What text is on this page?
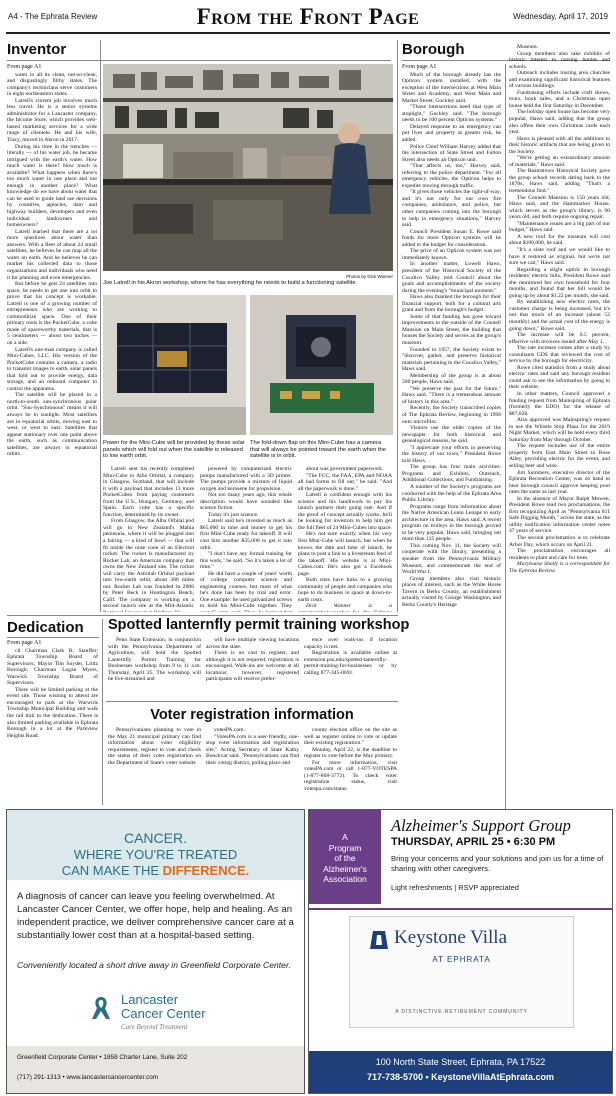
A4 - The Ephrata Review	From the Front Page	Wednesday, April 17, 2019
Inventor
From page A1

water in all its clean, not-so-clean, and disgustingly filthy states. The company's technicians serve customers in eight northeastern states.

Latrell's current job involves much less travel. He is a senior systems administrator for a Lancaster company, the Income Store, which provides web-based marketing services for a wide range of clientele. He and his wife, Tracy, moved to Akron in 2017.

During his time in the trenches — literally — of his water job, he became intrigued with the earth's water. How much water is there? How much is available? What happens when there's too much water in one place and not enough in another place? What knowledge do we have about water that can be used to guide land use decisions by countries, agencies, dam and highway builders, developers and even individual landowners and homeowners?

Latrell learned that there are a lot more questions about water than answers. With a fleet of about 24 small satellites, he believes he can map all the water on earth. And he believes he can market his collected data to those organizations and individuals who need it for planning and even emergencies.

But before he gets 24 satellites into space, he needs to get one into orbit to prove that his concept is workable. Latrell is one of a growing number of entrepreneurs who are working to commoditize space. One of their primary tools is the PocketCube, a cube made of spaceworthy materials, that is 5 centimeters — about two inches — on a side.

Latrell's one-man company is called Mini-Cubes, LLC. His version of the PocketCube contains a camera, a radio to transmit images to earth, solar panels that fold out to provide energy, data storage, and an onboard computer to control the apparatus.

The satellite will be placed in a north-to-south sun-synchronous polar orbit. "Sun-Synchronous" means it will always be in sunlight. Most satellites are in equatorial orbits, moving east to west, or west to east. Satellites that appear stationary over one point above the earth, such as communication satellites, are always in equatorial orbits.

Photos by Dick Wanner
Joe Latrell in his Akron workshop, where he has everything he needs to build a functioning satellite.
Power for the Mini-Cube will be provided by these solar panels which will fold out when the satellite is released to low earth orbit.
The fold-down flap on this Mini-Cube has a camera that will always be pointed toward the earth when the satellite is in orbit.

Latrell sent his recently completed Mini-Cube to Alba Orbital, a company in Glasgow, Scotland, that will include it with a payload that includes 13 more PocketCubes from paying customers from the U.S., Hungary, Germany, and Spain. Each cube has a specific function, determined by its owner.

From Glasgow, the Alba Orbital pod will go to New Zealand's Mahia peninsula, where it will be plugged into a fairing — a kind of bowl — that will fit inside the nose cone of an Electron rocket. The rocket is manufactured by Rocket Lab, an American company that owns the New Zealand site. The rocket will carry the Astrolab Orbital payload into low-earth orbit, about 300 miles out. Rocket Lab was founded in 2006 by Peter Beck in Huntington Beach, Calif. The company is working on a second launch site at the Mid-Atlantic

powered by computerized electric pumps manufactured with a 3D printer. The pumps provide a mixture of liquid oxygen and kerosene for propulsion.

Not too many years ago, this whole description would have sounded like science fiction.

Today it's just science.

Latrell said he's invested as much as $65,000 in time and money to get his first Mini-Cube ready for takeoff. It will cost him another $35,000 to get it into orbit.

"I don't have any formal training for this work," he said. "So it's taken a lot of time."

He did have a couple of years' worth of college computer science and engineering courses, but most of what he's done has been by trial and error. One example: he used galvanized screws to hold his Mini-Cube together. They

about was government paperwork.

"The FCC, the FAA, EPA and NOAA all had forms to fill out," he said. "And all the paperwork is done."

Latrell is confident enough with his science and his handiwork to pay his launch partners their going rate. And if the proof of concept actually works, he'll be looking for investors to help him get the full fleet of 24 Mini-Cubes into space.

He's not sure exactly when his very first Mini-Cube will launch, but when he knows the date and time of launch, he plans to post a link to a livestream feed of the takeoff. His website is at Mini-Cubes.com. He's also got a Facebook page.

Both sites have links to a growing community of people and companies who hope to do business in space at down-to-earth costs.

Dick Wanner is a

Borough
From page A1

Much of the borough already has the Opticon system installed, with the exception of the intersections at West Main Street and Academy, and West Main and Market Street, Gockley said.

"Those intersections need that type of stoplight," Gockley said. "The borough needs to be 100 percent Opticon systems."

Delayed response to an emergency can put lives and property at greater risk, he added.

Police Chief William Harvey added that the intersection of State Street and Fulton Street also needs an Opticon unit.

"That affects us, too," Harvey said, referring to the police department. "For all emergency vehicles, the Opticon helps to expedite moving through traffic.

"It gives those vehicles the right-of-way, and it's not only for our own fire companies, ambulance, and police, but other companies coming into the borough to help in emergency situations," Harvey said.

Council President Susan E. Rowe said funds for more Opticon systems will be added to the budget for consideration.

The price of an Opticon system was not immediately known.

In another matter, Lowell Haws, president of the Historical Society of the Cocalico Valley told Council about the goals and accomplishments of the society during the evening's "municipal moment."

Haws also thanked the borough for their financial support, both for a cultural arts grant and from the borough's budget.

Some of that funding has gone toward improvements to the outside of the Connell Mansion on Main Street, the building that houses the Society and serves as the group's museum.

Founded in 1957, the Society exists to "discover, gather, and preserve historical materials pertaining to the Cocalico Valley," Haws said.

Membership of the group is at about 500 people, Haws said.

"We preserve the past for the future," Haws said. "There is a tremendous amount of history in this area."

Recently, the Society transcribed copies of The Ephrata Review, beginning in 1998 onto microfilm.

Visitors use the older copies of the newspaper for both historical and genealogical reasons, he said.

"I appreciate your efforts in preserving the history of our town," President Rowe told Haws.

The group has four main activities: Programs and Exhibits, Outreach, Additional Collections, and Fundraising.

A number of the Society's programs are conducted with the help of the Ephrata Area Public Library.

Programs range from information about the Native American Lenni Lenape to early architecture in the area, Haws said. A recent program on trolleys in the borough proved to be very popular, Haws said, bringing out more than 125 people.

This coming Nov. 11, the Society will cooperate with the library, presenting a speaker from the Pennsylvania Military Museum, and commemorate the end of World War I.

Group members also visit historic places of interest, such as the White Horse Tavern in Berks County, an establishment actually visited by George Washington, and Berks County's Heritage

Museum.

Group members also take exhibits of historic interest to nursing homes and schools.

Outreach includes touring area churches and examining significant historical features of various buildings.

Fundraising efforts include craft shows, tours, book sales, and a Christmas open house held the first Saturday in December.

The holiday open house has become very popular, Haws said, adding that the group also offers their own Christmas cards each year.

Haws is pleased with all the additions to their historic artifacts that are being given to the Society.

"We're getting an extraordinary amount of materials," Haws said.

The Reamstown Historical Society gave the group school records dating back to the 1870s, Haws said, adding "That's a tremendous find."

The Connell Mansion is 150 years old, Haws said, and the Hammacker House, which serves as the group's library, is 90 years old, and both require ongoing repair.

"Maintenance issues are a big part of our budget," Haws said.

A new roof for the museum will cost about $100,000, he said.

"It's a slate roof and we would like to have it restored as original, but we're not sure we can," Haws said.

Regarding a slight uptick in borough residents' electric bills, President Rowe said she monitored her own household for four months, and found that her bill would be going up by about $1.22 per month, she said.

By establishing new electric rates, the customer charge is being increased, but it's not that much of an increase (about 52 monthly) and the actual cost of the energy is going down," Rowe said.

The increase will be 0.5 percent, effective with invoices issued after May 1.

The rate increase comes after a study by consultants GDS that reviewed the cost of service by the borough for electricity.

Rowe cited statistics from a study about electric rates and said any borough resident could ask to see the information by going to their website.

In other matters, Council approved a funding request from Mainspring of Ephrata (formerly the EDO) for the release of $87,028.

Also approved was Mainspring's request to use the Whistle Stop Plaza for the 2019 Night Market, which will be held every third Saturday from May through October.

The request includes use of the entire property from East Main Street to Rose Alley, providing electric for the event, and selling beer and wine.

Jim Summers, executive director of the Ephrata Recreation Center, was on hand to hear borough council approve keeping pool rates the same as last year.

In the absence of Mayor Ralph Mowen, President Rowe read two proclamations, the first recognizing April as "Pennsylvania 811 Safe Digging Month," across the state, as the utility notification information center notes 47 years of service.

The second proclamation is to celebrate Arbor Day, which occurs on April 21.

The proclamation encourages all residents to plant and care for trees.

Marylouise Sholly is a correspondent for The Ephrata Review.

Dedication
From page A1

cil Chairman Clark R. Stauffer; Ephrata Township Board of Supervisors; Mayor Tim Snyder, Lititz Borough; Chairman Logan Myers, Warwick Township Board of Supervisors.

There will be limited parking at the event site. Those wishing to attend are encouraged to park at the Warwick Township Municipal Building and walk the rail trail to the dedication. There is also limited parking available in Ephrata Borough in a lot at the Parkview Heights Road.

Spotted lanternfly permit training workshop

Penn State Extension, in conjunction with the Pennsylvania Department of Agriculture, will hold the Spotted Lanternfly Permit Training for Businesses workshop from 9 to 11 a.m. Thursday, April 25. The workshop will be live-streamed and

will have multiple viewing locations across the state.

There is no cost to register, and although it is not required, registration is encouraged. Walk-ins are welcome at all locations; however, registered participants will receive prefer-

ence over walk-ins if location capacity is met.

Registration is available online at extension.psu.edu/spotted-lanternfly-permit-training-for-businesses or by calling 877-345-0691.

Voter registration information

Pennsylvanians planning to vote in the May 21 municipal primary can find information about voter eligibility requirements, register to vote and check the status of their voter registration on the Department of State's voter website

votesPA.com.

"VotesPA.com is a user-friendly, one-stop voter information and registration site," Acting Secretary of State Kathy Boockvar said. "Pennsylvanians can find their voting district, polling place and

county election office on the site as well as register online to vote or update their existing registration."

Monday, April 22, is the deadline to register to vote before the May primary.

For more information, visit votesPA.com or call 1-877-VOTESPA (1-877-868-3772). To check voter registration status, visit votespa.com/status.

CANCER.
WHERE YOU'RE TREATED
CAN MAKE THE DIFFERENCE.
A diagnosis of cancer can leave you feeling overwhelmed. At Lancaster Cancer Center, we offer hope, help and healing. As an independent practice, we deliver comprehensive cancer care at a substantially lower cost than at a hospital-based setting.
Conveniently located a short drive away in Greenfield Corporate Center.
Lancaster
Cancer Center
Care Beyond Treatment
Greenfield Corporate Center • 1858 Charter Lane, Suite 202
(717) 291-1313 • www.lancastercancercenter.com
A
Program
of the
Alzheimer's
Association
Alzheimer's Support Group
THURSDAY, APRIL 25 • 6:30 PM
Bring your concerns and your solutions and join us for a time of sharing with other caregivers.
Light refreshments | RSVP appreciated
Keystone Villa
AT EPHRATA
A DISTINCTIVE RETIREMENT COMMUNITY
100 North State Street, Ephrata, PA 17522
717-738-5700 • KeystoneVillaAtEphrata.com
